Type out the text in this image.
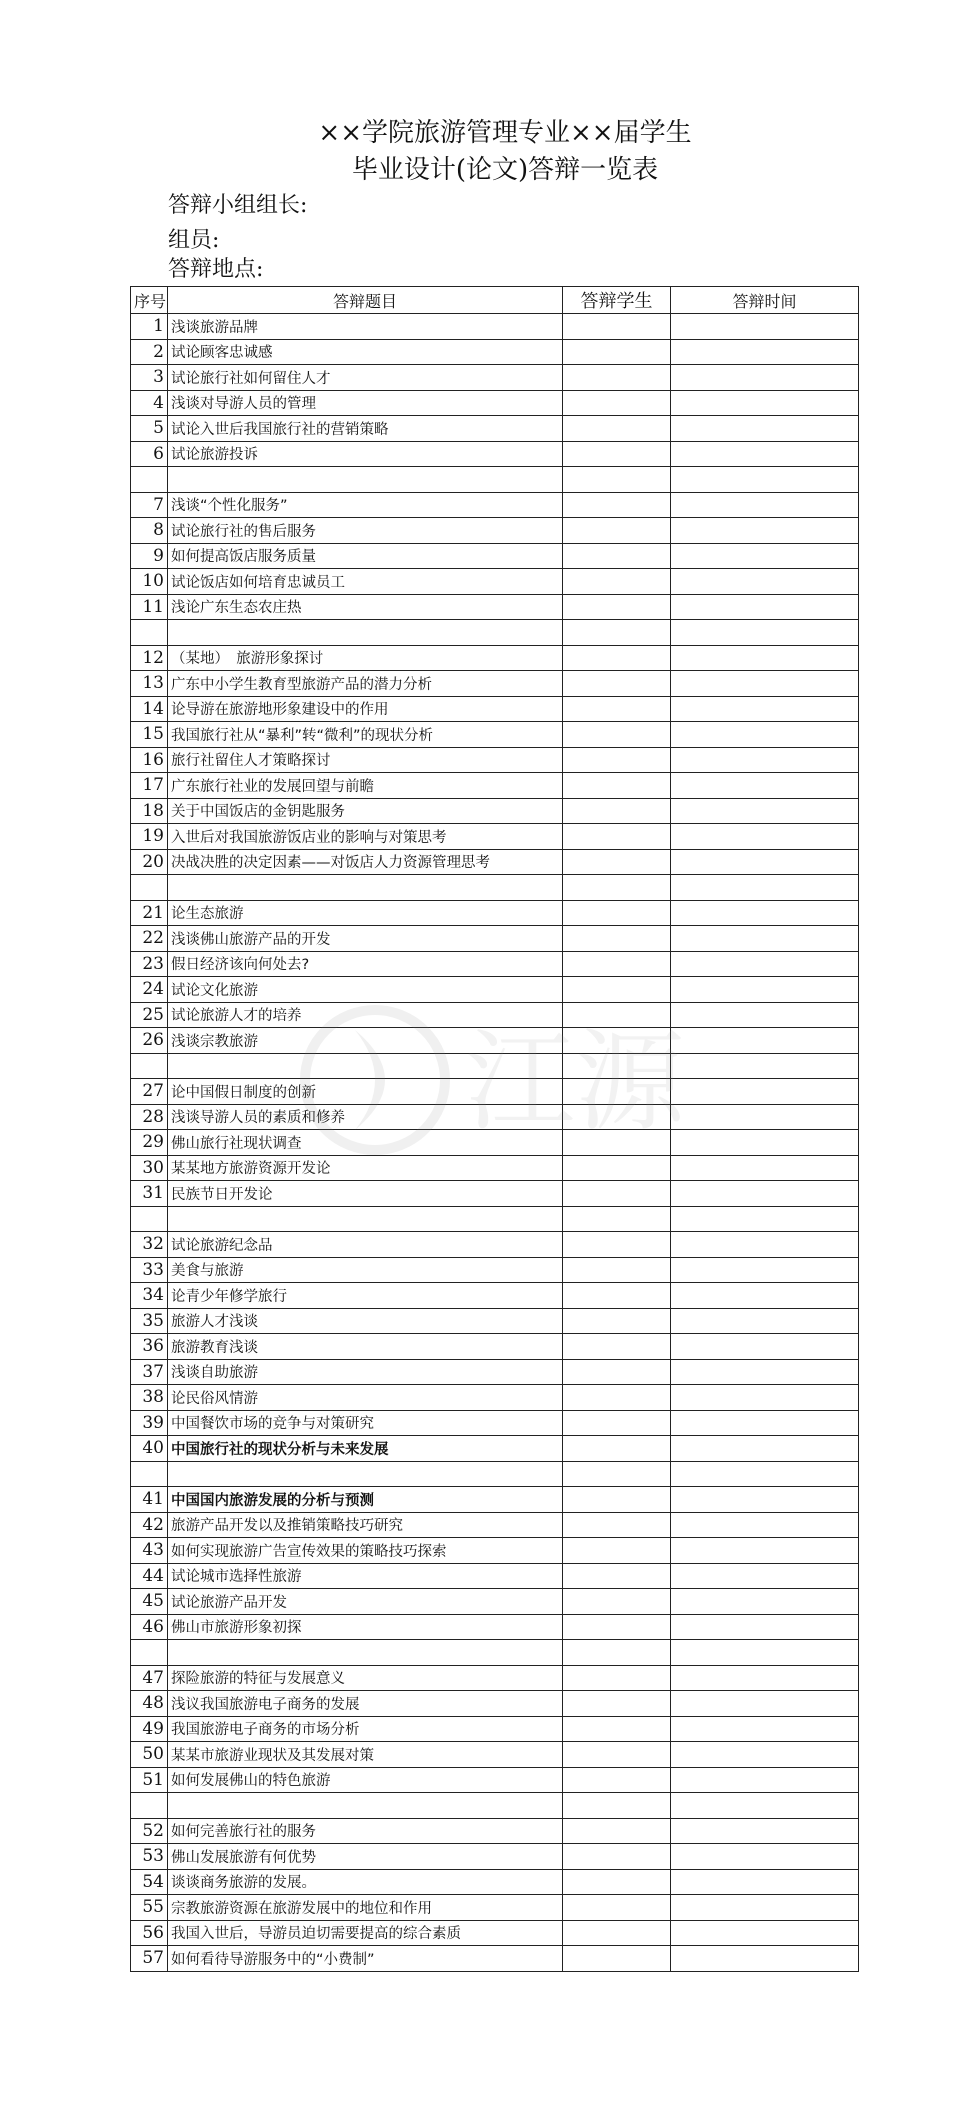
××学院旅游管理专业××届学生
毕业设计(论文)答辩一览表
答辩小组组长:
组员:
答辩地点:
序号	答辩题目	答辩学生	答辩时间
1	浅谈旅游品牌		
2	试论顾客忠诚感		
3	试论旅行社如何留住人才		
4	浅谈对导游人员的管理		
5	试论入世后我国旅行社的营销策略		
6	试论旅游投诉		

7	浅谈“个性化服务”		
8	试论旅行社的售后服务		
9	如何提高饭店服务质量		
10	试论饭店如何培育忠诚员工		
11	浅论广东生态农庄热		

12	（某地）　旅游形象探讨		
13	广东中小学生教育型旅游产品的潜力分析		
14	论导游在旅游地形象建设中的作用		
15	我国旅行社从“暴利”转“微利”的现状分析		
16	旅行社留住人才策略探讨		
17	广东旅行社业的发展回望与前瞻		
18	关于中国饭店的金钥匙服务		
19	入世后对我国旅游饭店业的影响与对策思考		
20	决战决胜的决定因素——对饭店人力资源管理思考		

21	论生态旅游		
22	浅谈佛山旅游产品的开发		
23	假日经济该向何处去?		
24	试论文化旅游		
25	试论旅游人才的培养		
26	浅谈宗教旅游		

27	论中国假日制度的创新		
28	浅谈导游人员的素质和修养		
29	佛山旅行社现状调查		
30	某某地方旅游资源开发论		
31	民族节日开发论		

32	试论旅游纪念品		
33	美食与旅游		
34	论青少年修学旅行		
35	旅游人才浅谈		
36	旅游教育浅谈		
37	浅谈自助旅游		
38	论民俗风情游		
39	中国餐饮市场的竞争与对策研究		
40	中国旅行社的现状分析与未来发展		

41	中国国内旅游发展的分析与预测		
42	旅游产品开发以及推销策略技巧研究		
43	如何实现旅游广告宣传效果的策略技巧探索		
44	试论城市选择性旅游		
45	试论旅游产品开发		
46	佛山市旅游形象初探		

47	探险旅游的特征与发展意义		
48	浅议我国旅游电子商务的发展		
49	我国旅游电子商务的市场分析		
50	某某市旅游业现状及其发展对策		
51	如何发展佛山的特色旅游		

52	如何完善旅行社的服务		
53	佛山发展旅游有何优势		
54	谈谈商务旅游的发展。		
55	宗教旅游资源在旅游发展中的地位和作用		
56	我国入世后，导游员迫切需要提高的综合素质		
57	如何看待导游服务中的“小费制”		
江源
